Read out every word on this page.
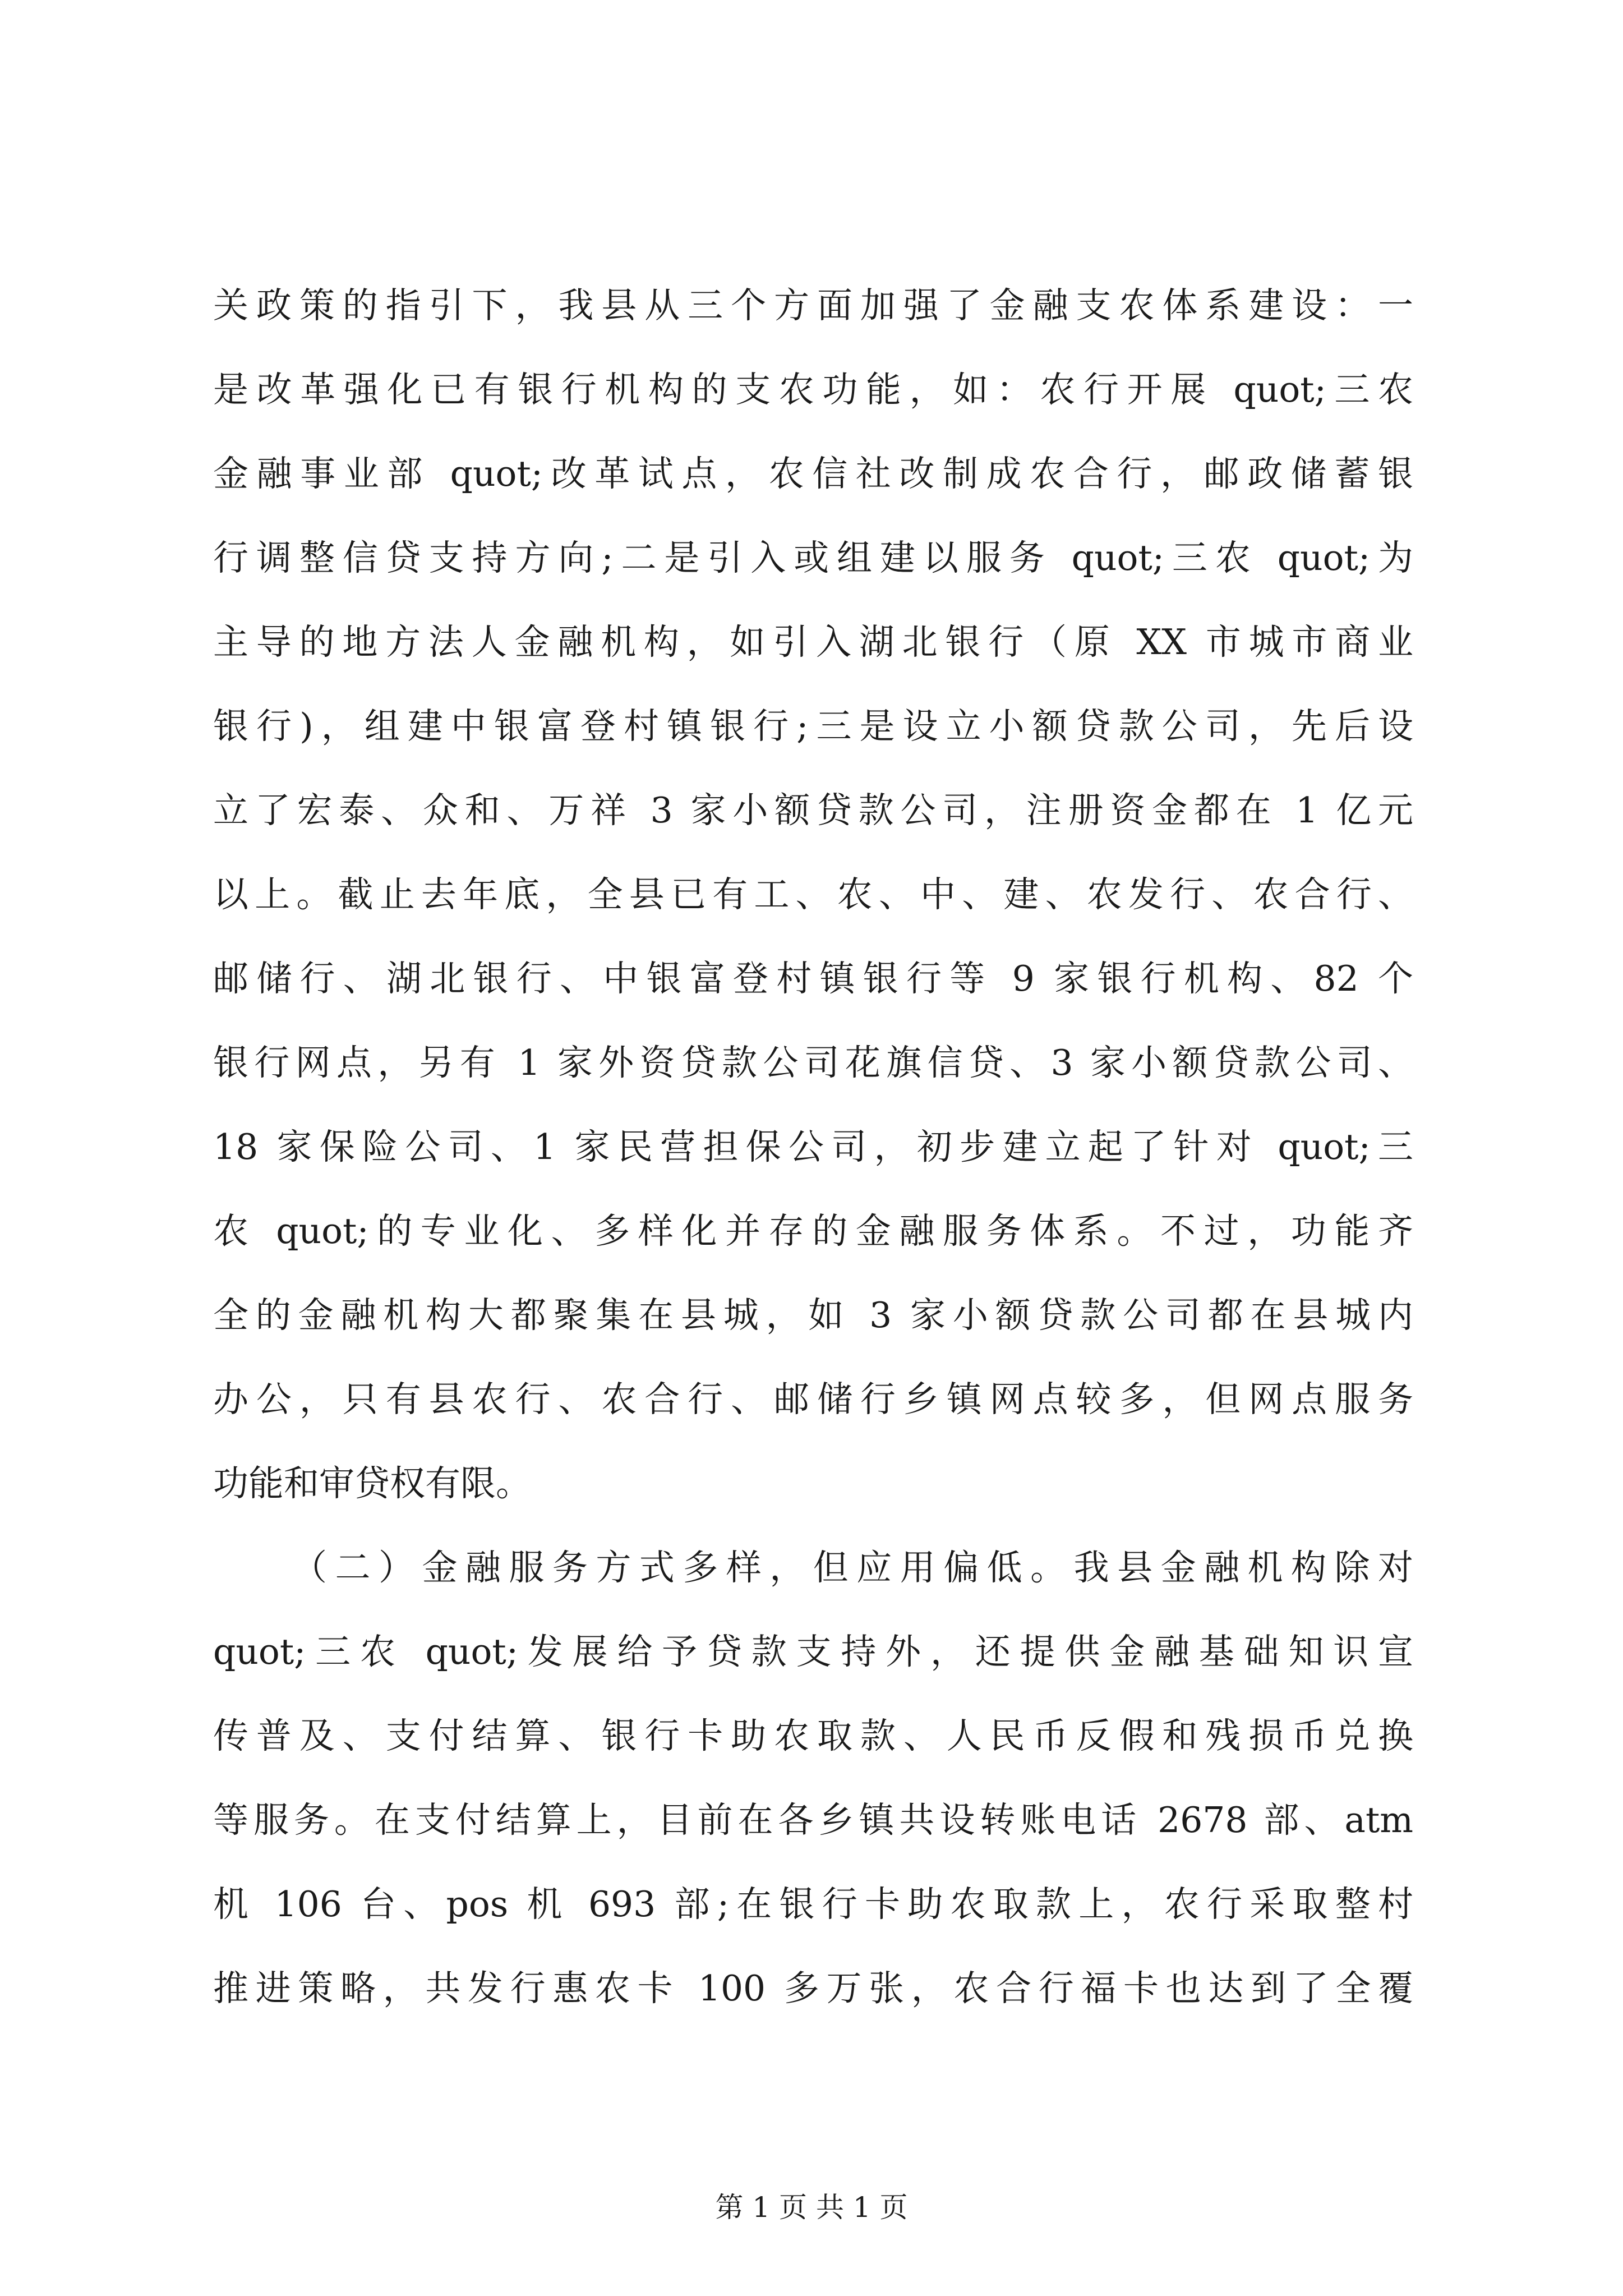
关政策的指引下，我县从三个方面加强了金融支农体系建设：一
是改革强化已有银行机构的支农功能，如：农行开展 quot;三农
金融事业部 quot;改革试点，农信社改制成农合行，邮政储蓄银
行调整信贷支持方向;二是引入或组建以服务 quot;三农 quot;为
主导的地方法人金融机构，如引入湖北银行（原 XX 市城市商业
银行)，组建中银富登村镇银行;三是设立小额贷款公司，先后设
立了宏泰、众和、万祥 3 家小额贷款公司，注册资金都在 1 亿元
以上。截止去年底，全县已有工、农、中、建、农发行、农合行、
邮储行、湖北银行、中银富登村镇银行等 9 家银行机构、82 个
银行网点，另有 1 家外资贷款公司花旗信贷、3 家小额贷款公司、
18 家保险公司、1 家民营担保公司，初步建立起了针对 quot;三
农 quot;的专业化、多样化并存的金融服务体系。不过，功能齐
全的金融机构大都聚集在县城，如 3 家小额贷款公司都在县城内
办公，只有县农行、农合行、邮储行乡镇网点较多，但网点服务
功能和审贷权有限。
（二）金融服务方式多样，但应用偏低。我县金融机构除对
quot;三农 quot;发展给予贷款支持外，还提供金融基础知识宣
传普及、支付结算、银行卡助农取款、人民币反假和残损币兑换
等服务。在支付结算上，目前在各乡镇共设转账电话 2678 部、atm
机 106 台、pos 机 693 部;在银行卡助农取款上，农行采取整村
推进策略，共发行惠农卡 100 多万张，农合行福卡也达到了全覆
第 1 页 共 1 页
